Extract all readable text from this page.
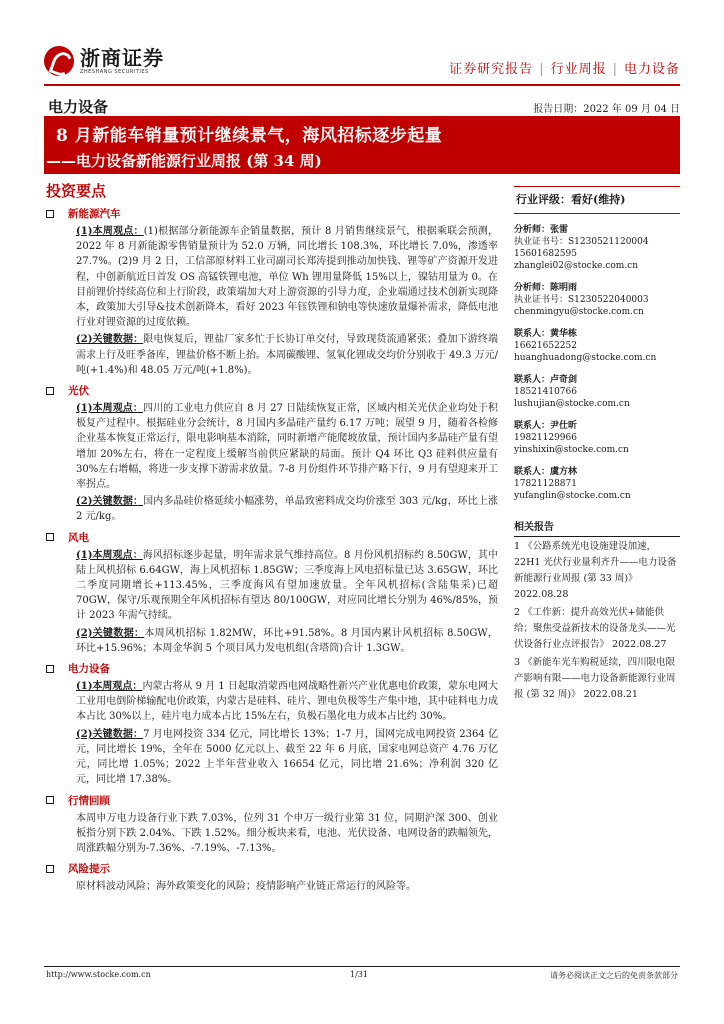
浙商证券
ZHESHANG SECURITIES	证券研究报告 | 行业周报 | 电力设备
电力设备	报告日期：2022 年 09 月 04 日
8 月新能车销量预计继续景气，海风招标逐步起量
——电力设备新能源行业周报 (第 34 周)
投资要点
新能源汽车
(1)本周观点：(1)根据部分新能源车企销量数据，预计 8 月销售继续景气，根据乘联会预测，2022 年 8 月新能源零售销量预计为 52.0 万辆，同比增长 108.3%，环比增长 7.0%，渗透率 27.7%。(2)9 月 2 日，工信部原材料工业司副司长郑涛提到推动加快钱、锂等矿产资源开发进程，中创新航近日首发 OS 高锰铁锂电池，单位 Wh 锂用量降低 15%以上，镍钴用量为 0。在目前锂价持续高位和上行阶段，政策端加大对上游资源的引导力度，企业端通过技术创新实现降本，政策加大引导&技术创新降本，看好 2023 年钰铁锂和钠电等快速放量爆补需求，降低电池行业对锂资源的过度依赖。
(2)关键数据：限电恢复后，锂盐厂家多忙于长协订单交付，导致现货流通紧张；叠加下游终端需求上行及旺季备库，锂盐价格不断上抬。本周碳酸锂、氢氧化锂成交均价分别收于 49.3 万元/吨(+1.4%)和 48.05 万元/吨(+1.8%)。
光伏
(1)本周观点：四川的工业电力供应自 8 月 27 日陆续恢复正常，区域内相关光伏企业均处于积极复产过程中。根据硅业分会统计，8 月国内多晶硅产量约 6.17 万吨；展望 9 月，随着各检修企业基本恢复正常运行，限电影响基本消除，同时新增产能爬坡放量，预计国内多晶硅产量有望增加 20%左右，将在一定程度上缓解当前供应紧缺的局面。预计 Q4 环比 Q3 硅料供应量有 30%左右增幅，将进一步支撑下游需求放量。7-8 月份组件环节排产略下行，9 月有望迎来开工率拐点。
(2)关键数据：国内多晶硅价格延续小幅涨势，单晶致密料成交均价涨至 303 元/kg，环比上涨 2 元/kg。
风电
(1)本周观点：海风招标逐步起量，明年需求景气维持高位。8 月份风机招标约 8.50GW，其中陆上风机招标 6.64GW，海上风机招标 1.85GW；三季度海上风电招标量已达 3.65GW，环比二季度同期增长+113.45%，三季度海风有望加速放量。全年风机招标(含陆集采)已超 70GW，保守/乐观预期全年风机招标有望达 80/100GW，对应同比增长分别为 46%/85%，预计 2023 年需气持续。
(2)关键数据：本周风机招标 1.82MW，环比+91.58%。8 月国内累计风机招标 8.50GW，环比+15.96%；本周金华润 5 个项目风力发电机组(含塔筒)合计 1.3GW。
电力设备
(1)本周观点：内蒙古将从 9 月 1 日起取消蒙西电网战略性新兴产业优惠电价政策，蒙东电网大工业用电倒阶梯输配电价政策，内蒙古是硅料、硅片、锂电负极等生产集中地，其中硅料电力成本占比 30%以上，硅片电力成本占比 15%左右，负极石墨化电力成本占比约 30%。
(2)关键数据：7 月电网投资 334 亿元，同比增长 13%；1-7 月，国网完成电网投资 2364 亿元，同比增长 19%，全年在 5000 亿元以上、截至 22 年 6 月底，国家电网总资产 4.76 万亿元，同比增 1.05%；2022 上半年营业收入 16654 亿元，同比增 21.6%；净利润 320 亿元，同比增 17.38%。
行情回顾
本周申万电力设备行业下跌 7.03%，位列 31 个申万一级行业第 31 位，同期沪深 300、创业板指分别下跌 2.04%、下跌 1.52%。细分板块来看，电池、光伏设备、电网设备的跌幅领先，周涨跌幅分别为-7.36%、-7.19%、-7.13%。
风险提示
原材料波动风险；海外政策变化的风险；疫情影响产业链正常运行的风险等。
行业评级：看好(维持)
分析师：张雷
执业证书号：S1230521120004
15601682595
zhanglei02@stocke.com.cn
分析师：陈明雨
执业证书号：S1230522040003
chenmingyu@stocke.com.cn
联系人：黄华栋
16621652252
huanghuadong@stocke.com.cn
联系人：卢奇剑
18521410766
lushujian@stocke.com.cn
联系人：尹仕昕
19821129966
yinshixin@stocke.com.cn
联系人：虞方林
17821128871
yufanglin@stocke.com.cn
相关报告
1 《公路系统光电设施建设加速，22H1 光伏行业量利齐升——电力设备新能源行业周报 (第 33 周)》 2022.08.28
2 《工作新：提升高效光伏+储能供给；聚焦受益新技术的设备龙头——光伏设备行业点评报告》 2022.08.27
3 《新能车光车购税延续，四川限电限产影响有限——电力设备新能源行业周报 (第 32 周)》 2022.08.21
http://www.stocke.com.cn	1/31	请务必阅读正文之后的免责条款部分
